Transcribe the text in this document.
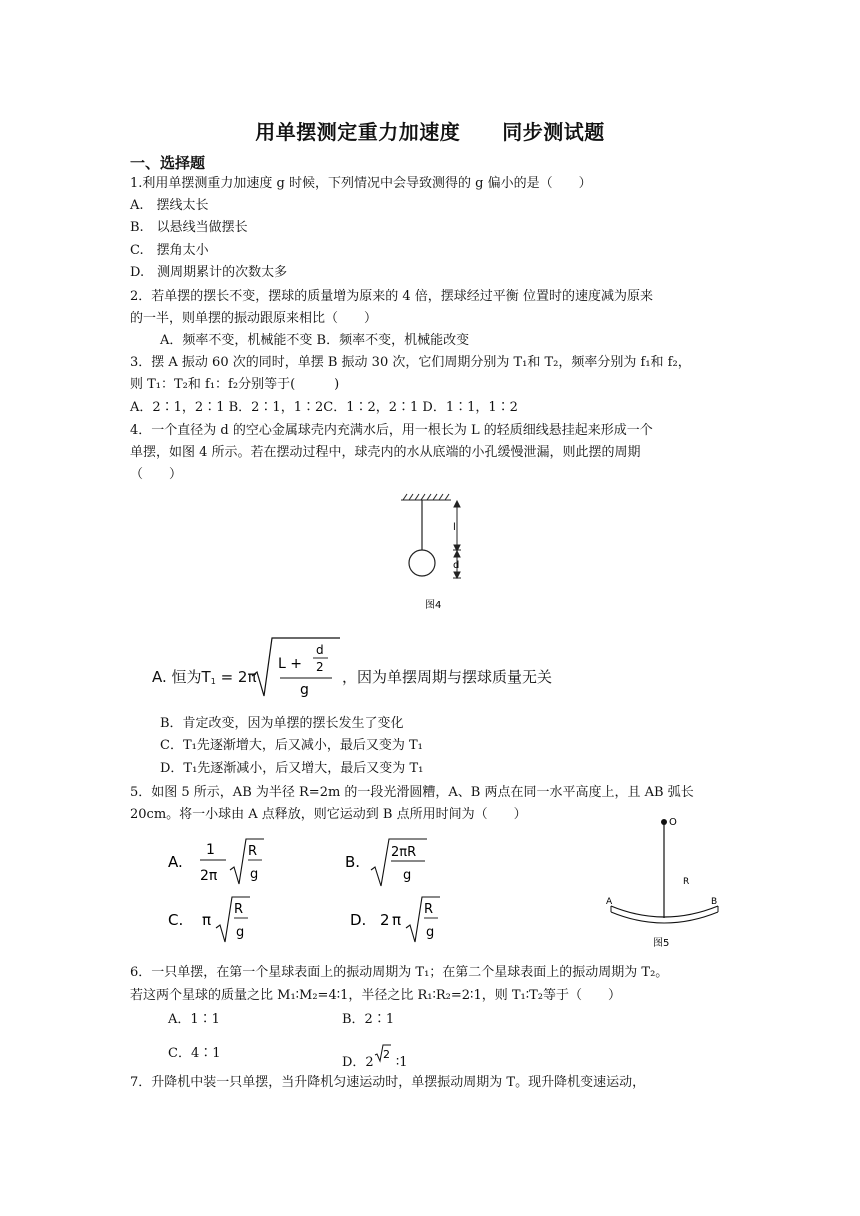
用单摆测定重力加速度 同步测试题
一、选择题
1.利用单摆测重力加速度 g 时候，下列情况中会导致测得的 g 偏小的是（　　）
A.　摆线太长
B.　以悬线当做摆长
C.　摆角太小
D.　测周期累计的次数太多
2．若单摆的摆长不变，摆球的质量增为原来的 4 倍，摆球经过平衡 位置时的速度减为原来
的一半，则单摆的振动跟原来相比（　　）
A．频率不变，机械能不变 B．频率不变，机械能改变
3．摆 A 振动 60 次的同时，单摆 B 振动 30 次，它们周期分别为 T₁和 T₂，频率分别为 f₁和 f₂，
则 T₁：T₂和 f₁：f₂分别等于(　　　)
A．2∶1，2∶1 B．2∶1，1∶2C．1∶2，2∶1 D．1∶1，1∶2
4．一个直径为 d 的空心金属球壳内充满水后，用一根长为 L 的轻质细线悬挂起来形成一个
单摆，如图 4 所示。若在摆动过程中，球壳内的水从底端的小孔缓慢泄漏，则此摆的周期
（　　）
l
d
图4
A. 恒为$T_1 = 2\pi$
L +
d
2
g
，因为单摆周期与摆球质量无关
B．肯定改变，因为单摆的摆长发生了变化
C．T₁先逐渐增大，后又减小，最后又变为 T₁
D．T₁先逐渐减小，后又增大，最后又变为 T₁
5．如图 5 所示，AB 为半径 R=2m 的一段光滑圆糟，A、B 两点在同一水平高度上，且 AB 弧长
20cm。将一小球由 A 点释放，则它运动到 B 点所用时间为（　　）
A.
1
2π
R
g
B.
2πR
g
C. π
R
g
D. 2 π
R
g
O
R
A	B
图5
6．一只单摆，在第一个星球表面上的振动周期为 T₁；在第二个星球表面上的振动周期为 T₂。
若这两个星球的质量之比 M₁∶M₂=4∶1，半径之比 R₁∶R₂=2∶1，则 T₁∶T₂等于（　　）
A．1∶1	B．2∶1
C．4∶1
D．2
2
∶1
7．升降机中装一只单摆，当升降机匀速运动时，单摆振动周期为 T。现升降机变速运动，
